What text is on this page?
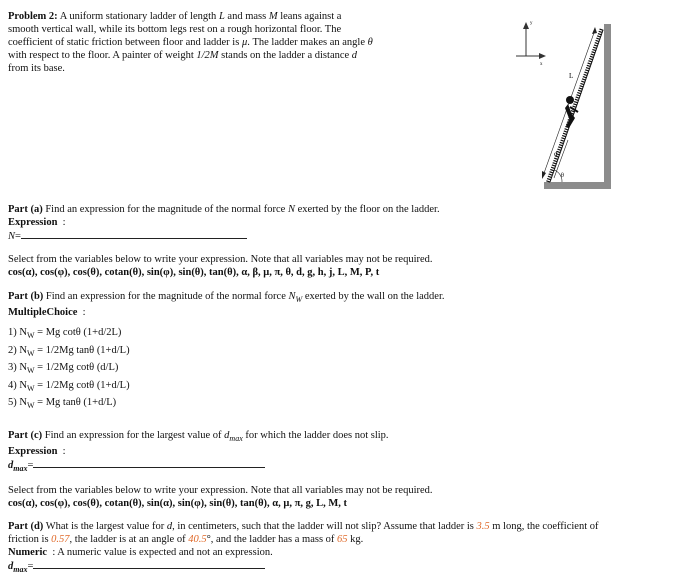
Problem 2: A uniform stationary ladder of length L and mass M leans against a
smooth vertical wall, while its bottom legs rest on a rough horizontal floor. The
coefficient of static friction between floor and ladder is μ. The ladder makes an angle θ
with respect to the floor. A painter of weight 1/2M stands on the ladder a distance d
from its base.
y
x
L
d
θ
Part (a) Find an expression for the magnitude of the normal force N exerted by the floor on the ladder.
Expression :
N=
Select from the variables below to write your expression. Note that all variables may not be required.
cos(α), cos(φ), cos(θ), cotan(θ), sin(φ), sin(θ), tan(θ), α, β, μ, π, θ, d, g, h, j, L, M, P, t
Part (b) Find an expression for the magnitude of the normal force $N_W$ exerted by the wall on the ladder.
MultipleChoice :
1) $N_W = Mg$ cotθ (1+d/2L)
2) $N_W = 1/2Mg$ tanθ (1+d/L)
3) $N_W = 1/2Mg$ cotθ (d/L)
4) $N_W = 1/2Mg$ cotθ (1+d/L)
5) $N_W = Mg$ tanθ (1+d/L)
Part (c) Find an expression for the largest value of $d_{max}$ for which the ladder does not slip.
Expression :
$d_{max}=$
Select from the variables below to write your expression. Note that all variables may not be required.
cos(α), cos(φ), cos(θ), cotan(θ), sin(α), sin(φ), sin(θ), tan(θ), α, μ, π, g, L, M, t
Part (d) What is the largest value for d, in centimeters, such that the ladder will not slip? Assume that ladder is 3.5 m long, the coefficient of
friction is 0.57, the ladder is at an angle of 40.5°, and the ladder has a mass of 65 kg.
Numeric : A numeric value is expected and not an expression.
$d_{max}=$
